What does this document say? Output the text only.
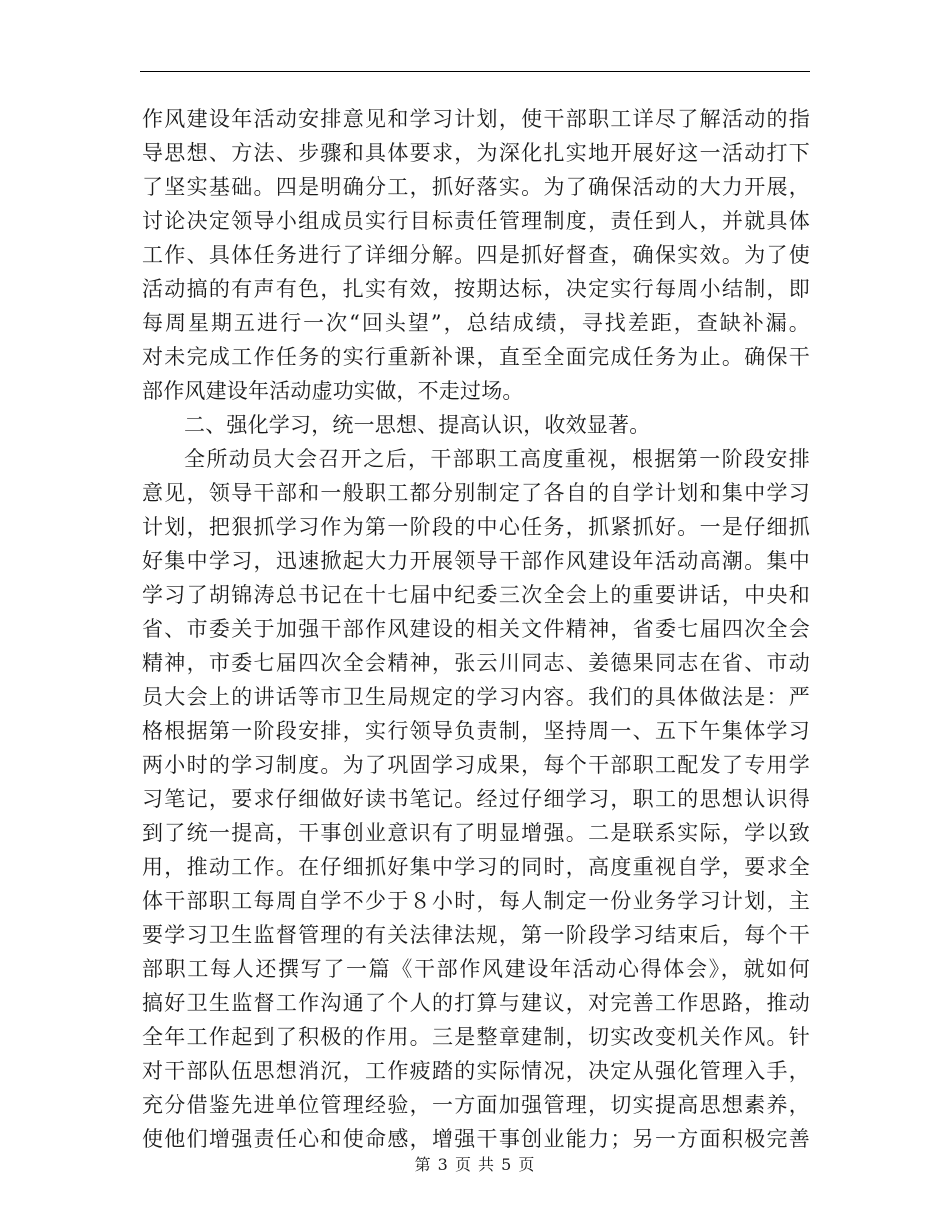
作风建设年活动安排意见和学习计划，使干部职工详尽了解活动的指
导思想、方法、步骤和具体要求，为深化扎实地开展好这一活动打下
了坚实基础。四是明确分工，抓好落实。为了确保活动的大力开展，
讨论决定领导小组成员实行目标责任管理制度，责任到人，并就具体
工作、具体任务进行了详细分解。四是抓好督查，确保实效。为了使
活动搞的有声有色，扎实有效，按期达标，决定实行每周小结制，即
每周星期五进行一次“回头望”，总结成绩，寻找差距，查缺补漏。
对未完成工作任务的实行重新补课，直至全面完成任务为止。确保干
部作风建设年活动虚功实做，不走过场。
二、强化学习，统一思想、提高认识，收效显著。
全所动员大会召开之后，干部职工高度重视，根据第一阶段安排
意见，领导干部和一般职工都分别制定了各自的自学计划和集中学习
计划，把狠抓学习作为第一阶段的中心任务，抓紧抓好。一是仔细抓
好集中学习，迅速掀起大力开展领导干部作风建设年活动高潮。集中
学习了胡锦涛总书记在十七届中纪委三次全会上的重要讲话，中央和
省、市委关于加强干部作风建设的相关文件精神，省委七届四次全会
精神，市委七届四次全会精神，张云川同志、姜德果同志在省、市动
员大会上的讲话等市卫生局规定的学习内容。我们的具体做法是：严
格根据第一阶段安排，实行领导负责制，坚持周一、五下午集体学习
两小时的学习制度。为了巩固学习成果，每个干部职工配发了专用学
习笔记，要求仔细做好读书笔记。经过仔细学习，职工的思想认识得
到了统一提高，干事创业意识有了明显增强。二是联系实际，学以致
用，推动工作。在仔细抓好集中学习的同时，高度重视自学，要求全
体干部职工每周自学不少于８小时，每人制定一份业务学习计划，主
要学习卫生监督管理的有关法律法规，第一阶段学习结束后，每个干
部职工每人还撰写了一篇《干部作风建设年活动心得体会》，就如何
搞好卫生监督工作沟通了个人的打算与建议，对完善工作思路，推动
全年工作起到了积极的作用。三是整章建制，切实改变机关作风。针
对干部队伍思想消沉，工作疲踏的实际情况，决定从强化管理入手，
充分借鉴先进单位管理经验，一方面加强管理，切实提高思想素养，
使他们增强责任心和使命感，增强干事创业能力；另一方面积极完善
第 3 页 共 5 页
